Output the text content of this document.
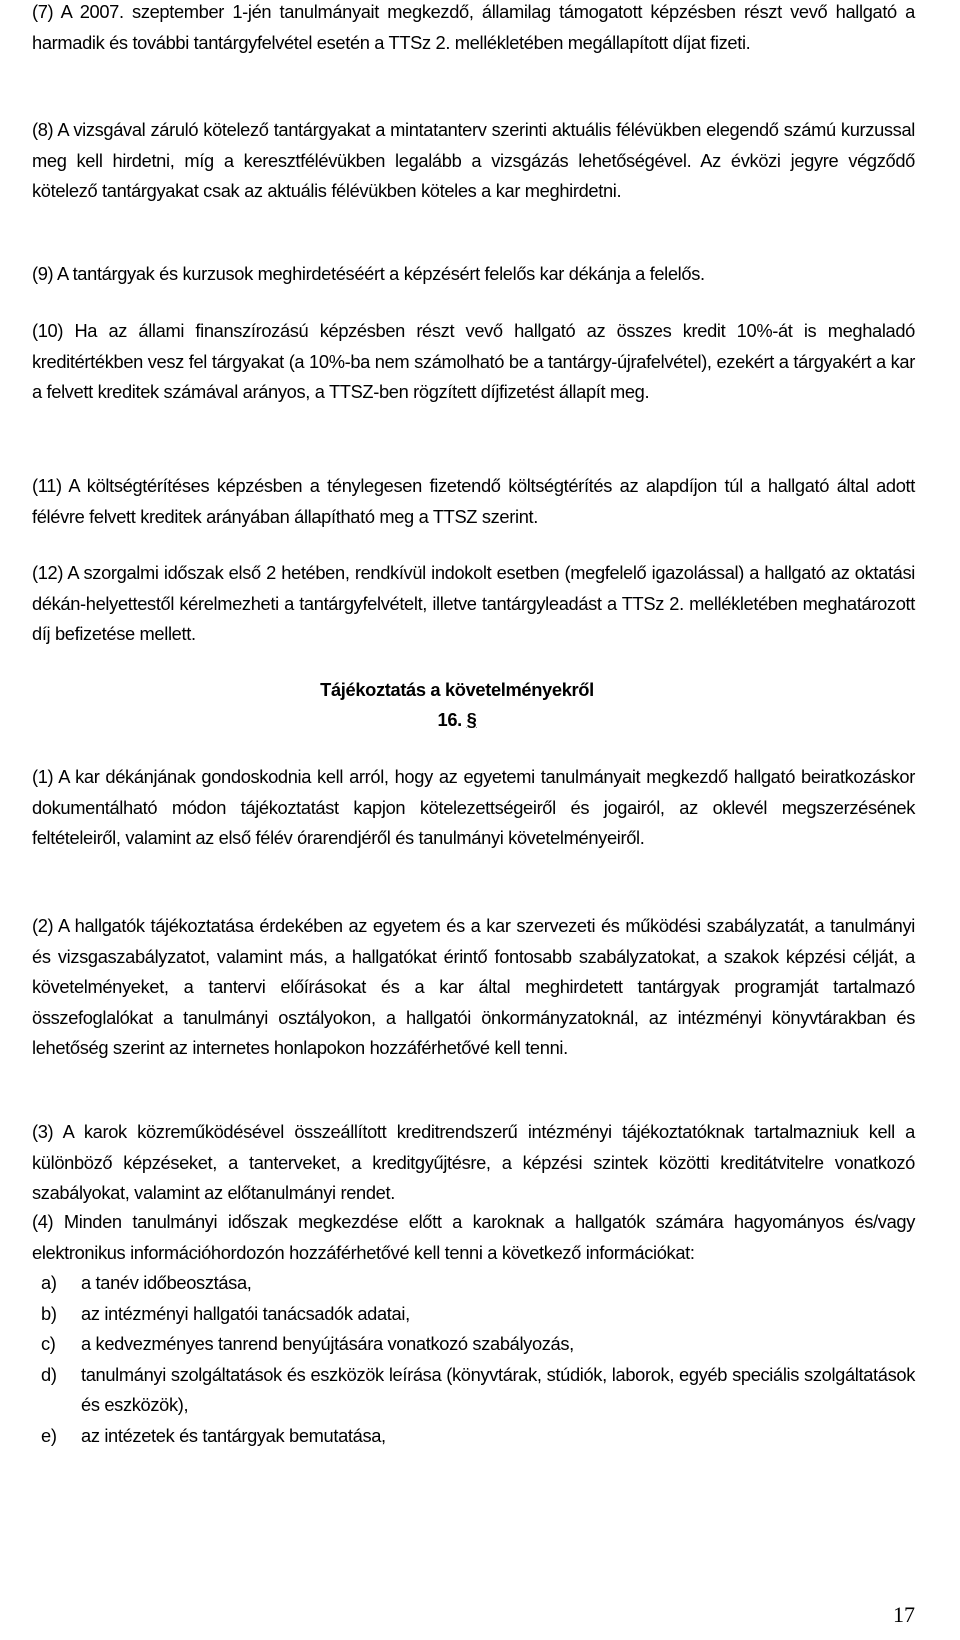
(7) A 2007. szeptember 1-jén tanulmányait megkezdő, államilag támogatott képzésben részt vevő hallgató a harmadik és további tantárgyfelvétel esetén a TTSz 2. mellékletében megállapított díjat fizeti.

(8) A vizsgával záruló kötelező tantárgyakat a mintatanterv szerinti aktuális félévükben elegendő számú kurzussal meg kell hirdetni, míg a keresztfélévükben legalább a vizsgázás lehetőségével. Az évközi jegyre végződő kötelező tantárgyakat csak az aktuális félévükben köteles a kar meghirdetni.

(9) A tantárgyak és kurzusok meghirdetéséért a képzésért felelős kar dékánja a felelős.

(10) Ha az állami finanszírozású képzésben részt vevő hallgató az összes kredit 10%-át is meghaladó kreditértékben vesz fel tárgyakat (a 10%-ba nem számolható be a tantárgy-újrafelvétel), ezekért a tárgyakért a kar a felvett kreditek számával arányos, a TTSZ-ben rögzített díjfizetést állapít meg.

(11) A költségtérítéses képzésben a ténylegesen fizetendő költségtérítés az alapdíjon túl a hallgató által adott félévre felvett kreditek arányában állapítható meg a TTSZ szerint.

(12) A szorgalmi időszak első 2 hetében, rendkívül indokolt esetben (megfelelő igazolással) a hallgató az oktatási dékán-helyettestől kérelmezheti a tantárgyfelvételt, illetve tantárgyleadást a TTSz 2. mellékletében meghatározott díj befizetése mellett.

Tájékoztatás a követelményekről

16. §

(1) A kar dékánjának gondoskodnia kell arról, hogy az egyetemi tanulmányait megkezdő hallgató beiratkozáskor dokumentálható módon tájékoztatást kapjon kötelezettségeiről és jogairól, az oklevél megszerzésének feltételeiről, valamint az első félév órarendjéről és tanulmányi követelményeiről.

(2) A hallgatók tájékoztatása érdekében az egyetem és a kar szervezeti és működési szabályzatát, a tanulmányi és vizsgaszabályzatot, valamint más, a hallgatókat érintő fontosabb szabályzatokat, a szakok képzési célját, a követelményeket, a tantervi előírásokat és a kar által meghirdetett tantárgyak programját tartalmazó összefoglalókat a tanulmányi osztályokon, a hallgatói önkormányzatoknál, az intézményi könyvtárakban és lehetőség szerint az internetes honlapokon hozzáférhetővé kell tenni.

(3) A karok közreműködésével összeállított kreditrendszerű intézményi tájékoztatóknak tartalmazniuk kell a különböző képzéseket, a tanterveket, a kreditgyűjtésre, a képzési szintek közötti kreditátvitelre vonatkozó szabályokat, valamint az előtanulmányi rendet.

(4) Minden tanulmányi időszak megkezdése előtt a karoknak a hallgatók számára hagyományos és/vagy elektronikus információhordozón hozzáférhetővé kell tenni a következő információkat:

a) a tanév időbeosztása,
b) az intézményi hallgatói tanácsadók adatai,
c) a kedvezményes tanrend benyújtására vonatkozó szabályozás,
d) tanulmányi szolgáltatások és eszközök leírása (könyvtárak, stúdiók, laborok, egyéb speciális szolgáltatások és eszközök),
e) az intézetek és tantárgyak bemutatása,
17
